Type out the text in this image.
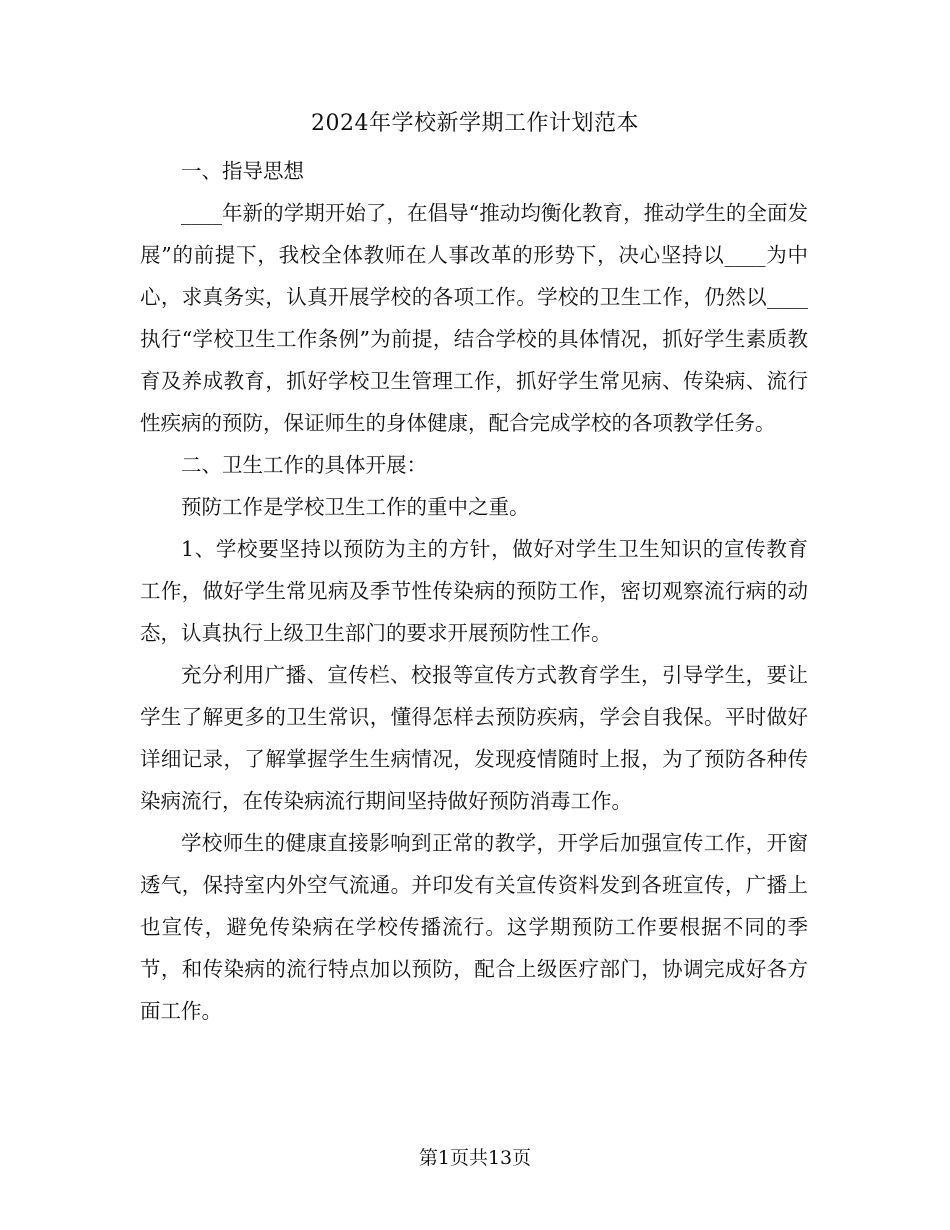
2024年学校新学期工作计划范本

一、指导思想

____年新的学期开始了，在倡导“推动均衡化教育，推动学生的全面发展”的前提下，我校全体教师在人事改革的形势下，决心坚持以____为中心，求真务实，认真开展学校的各项工作。学校的卫生工作，仍然以____执行“学校卫生工作条例”为前提，结合学校的具体情况，抓好学生素质教育及养成教育，抓好学校卫生管理工作，抓好学生常见病、传染病、流行性疾病的预防，保证师生的身体健康，配合完成学校的各项教学任务。

二、卫生工作的具体开展：

预防工作是学校卫生工作的重中之重。

1、学校要坚持以预防为主的方针，做好对学生卫生知识的宣传教育工作，做好学生常见病及季节性传染病的预防工作，密切观察流行病的动态，认真执行上级卫生部门的要求开展预防性工作。

充分利用广播、宣传栏、校报等宣传方式教育学生，引导学生，要让学生了解更多的卫生常识，懂得怎样去预防疾病，学会自我保。平时做好详细记录，了解掌握学生生病情况，发现疫情随时上报，为了预防各种传染病流行，在传染病流行期间坚持做好预防消毒工作。

学校师生的健康直接影响到正常的教学，开学后加强宣传工作，开窗透气，保持室内外空气流通。并印发有关宣传资料发到各班宣传，广播上也宣传，避免传染病在学校传播流行。这学期预防工作要根据不同的季节，和传染病的流行特点加以预防，配合上级医疗部门，协调完成好各方面工作。

第1页共13页
